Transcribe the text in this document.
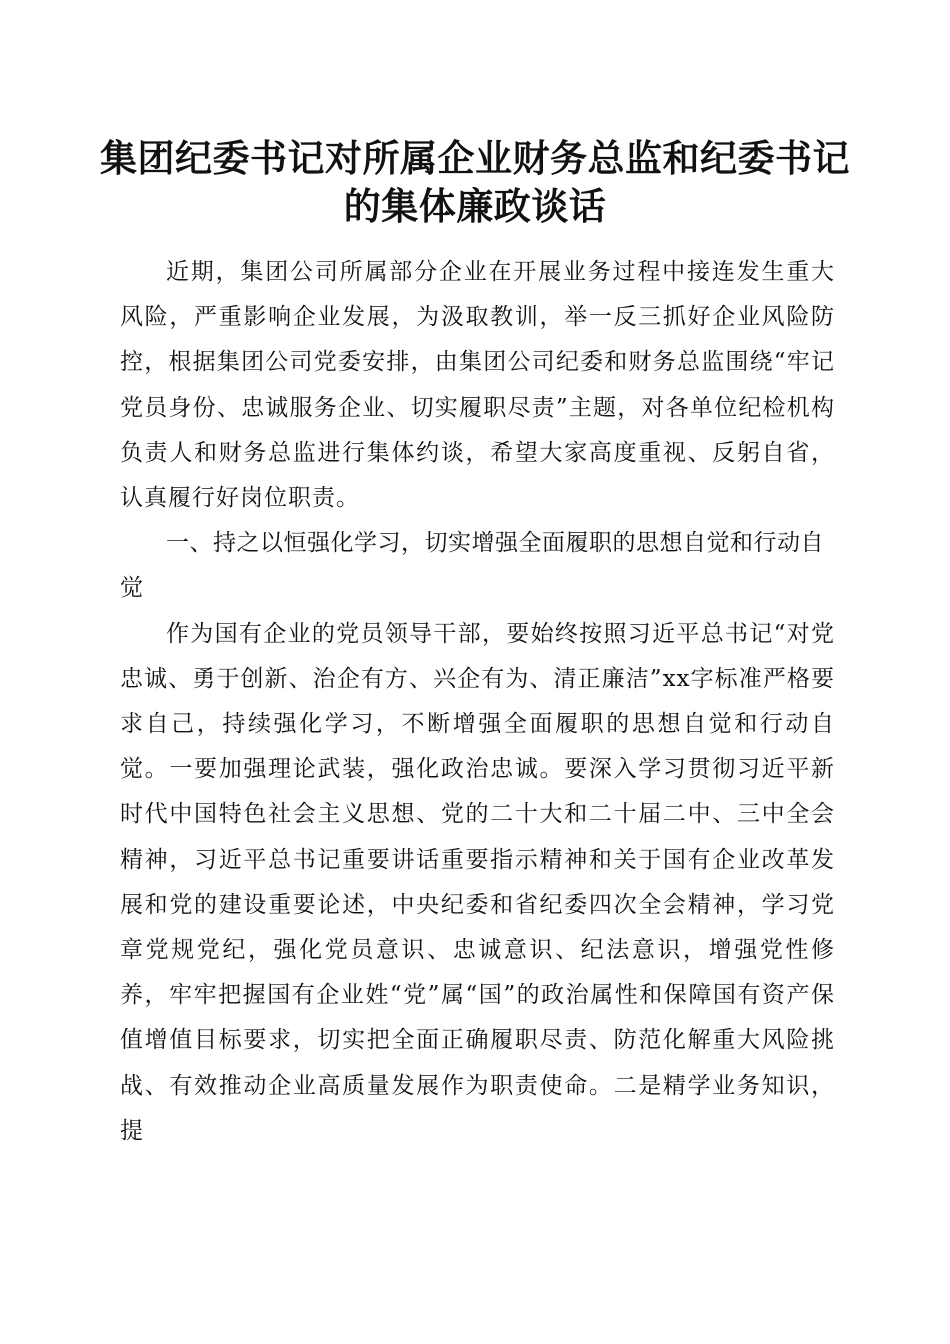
集团纪委书记对所属企业财务总监和纪委书记
的集体廉政谈话

近期，集团公司所属部分企业在开展业务过程中接连发生重大风险，严重影响企业发展，为汲取教训，举一反三抓好企业风险防控，根据集团公司党委安排，由集团公司纪委和财务总监围绕“牢记党员身份、忠诚服务企业、切实履职尽责”主题，对各单位纪检机构负责人和财务总监进行集体约谈，希望大家高度重视、反躬自省，认真履行好岗位职责。

一、持之以恒强化学习，切实增强全面履职的思想自觉和行动自觉

作为国有企业的党员领导干部，要始终按照习近平总书记“对党忠诚、勇于创新、治企有方、兴企有为、清正廉洁”xx字标准严格要求自己，持续强化学习，不断增强全面履职的思想自觉和行动自觉。一要加强理论武装，强化政治忠诚。要深入学习贯彻习近平新时代中国特色社会主义思想、党的二十大和二十届二中、三中全会精神，习近平总书记重要讲话重要指示精神和关于国有企业改革发展和党的建设重要论述，中央纪委和省纪委四次全会精神，学习党章党规党纪，强化党员意识、忠诚意识、纪法意识，增强党性修养，牢牢把握国有企业姓“党”属“国”的政治属性和保障国有资产保值增值目标要求，切实把全面正确履职尽责、防范化解重大风险挑战、有效推动企业高质量发展作为职责使命。二是精学业务知识，提
